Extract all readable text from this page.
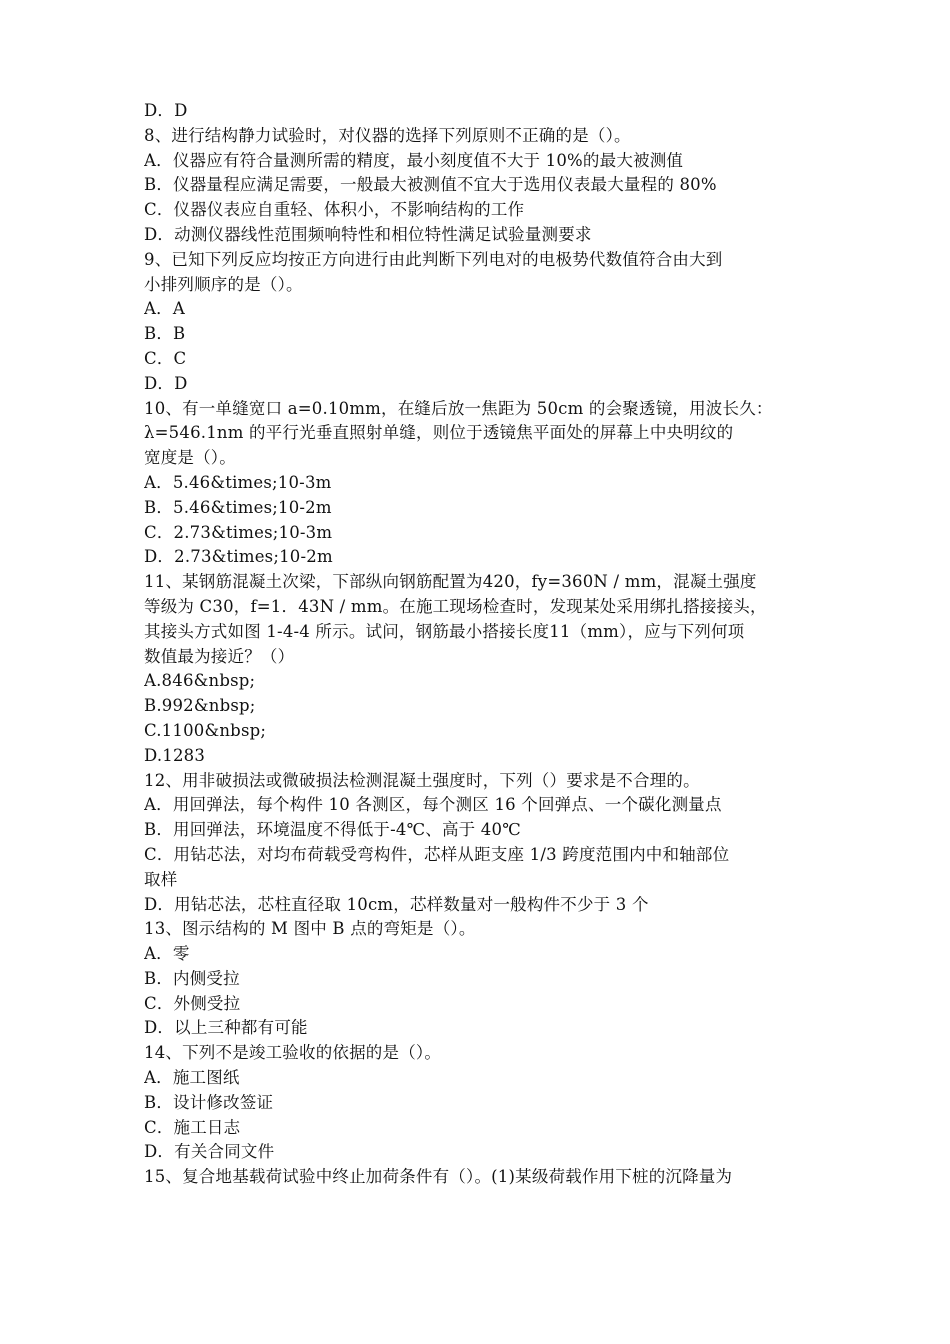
D．D
8、进行结构静力试验时，对仪器的选择下列原则不正确的是（）。
A．仪器应有符合量测所需的精度，最小刻度值不大于 10%的最大被测值
B．仪器量程应满足需要，一般最大被测值不宜大于选用仪表最大量程的 80%
C．仪器仪表应自重轻、体积小，不影响结构的工作
D．动测仪器线性范围频响特性和相位特性满足试验量测要求
9、已知下列反应均按正方向进行由此判断下列电对的电极势代数值符合由大到
小排列顺序的是（）。
A．A
B．B
C．C
D．D
10、有一单缝宽口 a=0.10mm，在缝后放一焦距为 50cm 的会聚透镜，用波长久：
λ=546.1nm 的平行光垂直照射单缝，则位于透镜焦平面处的屏幕上中央明纹的
宽度是（）。
A．5.46&times;10-3m
B．5.46&times;10-2m
C．2.73&times;10-3m
D．2.73&times;10-2m
11、某钢筋混凝土次梁，下部纵向钢筋配置为420，fy=360N / mm，混凝土强度
等级为 C30，f=1．43N / mm。在施工现场检查时，发现某处采用绑扎搭接接头，
其接头方式如图 1-4-4 所示。试问，钢筋最小搭接长度11（mm），应与下列何项
数值最为接近？（）
A.846&nbsp;
B.992&nbsp;
C.1100&nbsp;
D.1283
12、用非破损法或微破损法检测混凝土强度时，下列（）要求是不合理的。
A．用回弹法，每个构件 10 各测区，每个测区 16 个回弹点、一个碳化测量点
B．用回弹法，环境温度不得低于-4℃、高于 40℃
C．用钻芯法，对均布荷载受弯构件，芯样从距支座 1/3 跨度范围内中和轴部位
取样
D．用钻芯法，芯柱直径取 10cm，芯样数量对一般构件不少于 3 个
13、图示结构的 M 图中 B 点的弯矩是（）。
A．零
B．内侧受拉
C．外侧受拉
D．以上三种都有可能
14、下列不是竣工验收的依据的是（）。
A．施工图纸
B．设计修改签证
C．施工日志
D．有关合同文件
15、复合地基载荷试验中终止加荷条件有（）。(1)某级荷载作用下桩的沉降量为
